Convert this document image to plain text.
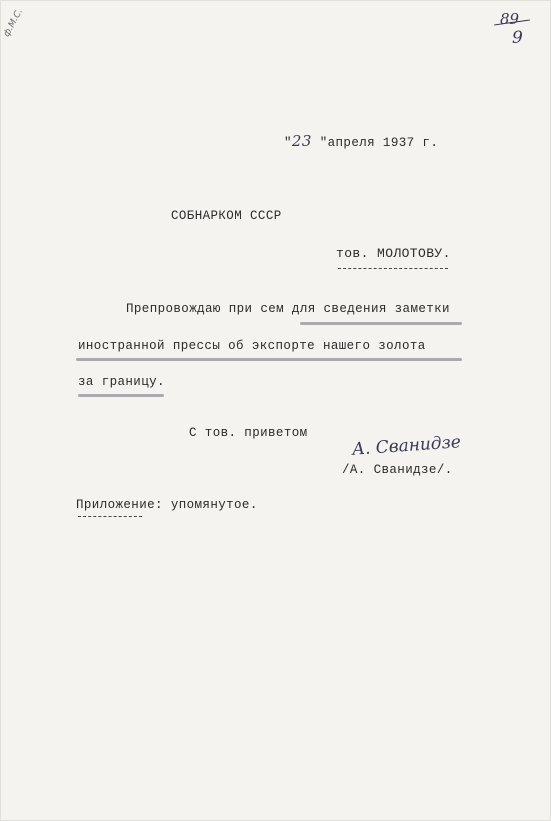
ф.М.С.	89
9
"23 "апреля 1937 г.
СОБНАРКОМ СССР
тов. МОЛОТОВУ.
Препровождаю при сем для сведения заметки
иностранной прессы об экспорте нашего золота
за границу.
С тов. приветом	А. Сванидзе
/А. Сванидзе/.
Приложение: упомянутое.
